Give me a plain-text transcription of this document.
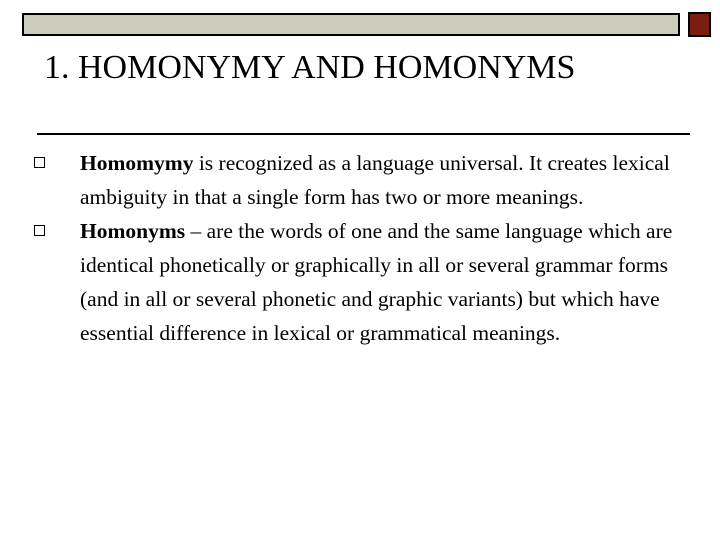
1. HOMONYMY AND HOMONYMS
Homomymy is recognized as a language universal. It creates lexical ambiguity in that a single form has two or more meanings.
Homonyms – are the words of one and the same language which are identical phonetically or graphically in all or several grammar forms (and in all or several phonetic and graphic variants) but which have essential difference in lexical or grammatical meanings.
